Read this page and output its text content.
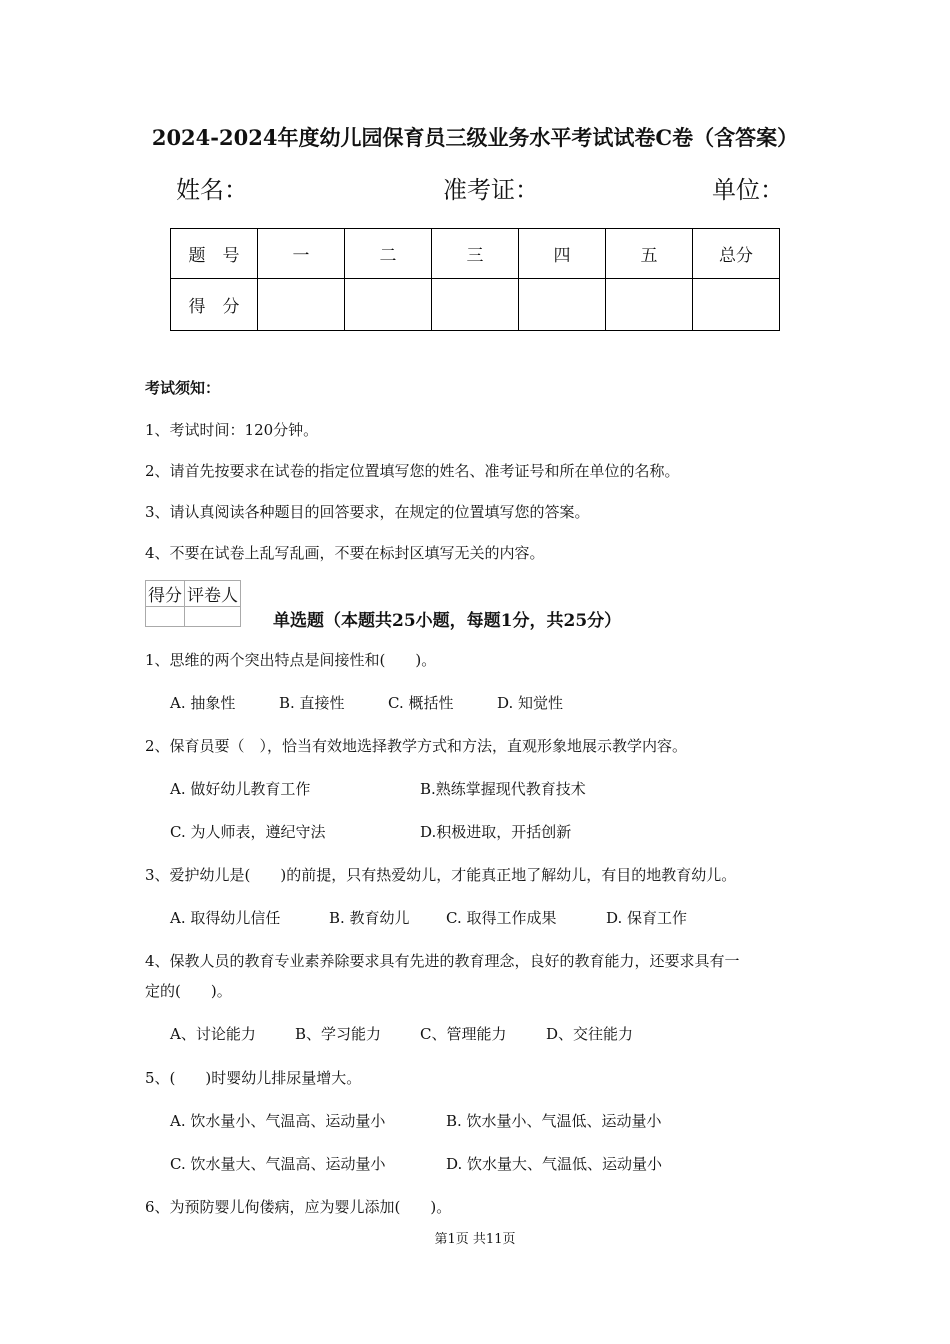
2024-2024年度幼儿园保育员三级业务水平考试试卷C卷（含答案）
姓名：	准考证：	单位：
题　号	一	二	三	四	五	总分
得　分						
考试须知：
1、考试时间：120分钟。
2、请首先按要求在试卷的指定位置填写您的姓名、准考证号和所在单位的名称。
3、请认真阅读各种题目的回答要求，在规定的位置填写您的答案。
4、不要在试卷上乱写乱画，不要在标封区填写无关的内容。
得分	评卷人

单选题（本题共25小题，每题1分，共25分）
1、思维的两个突出特点是间接性和(　　)。
A. 抽象性	B. 直接性	C. 概括性	D. 知觉性
2、保育员要（　），恰当有效地选择教学方式和方法，直观形象地展示教学内容。
A. 做好幼儿教育工作	B.熟练掌握现代教育技术
C. 为人师表，遵纪守法	D.积极进取，开括创新
3、爱护幼儿是(　　)的前提，只有热爱幼儿，才能真正地了解幼儿，有目的地教育幼儿。
A. 取得幼儿信任	B. 教育幼儿 C. 取得工作成果	D. 保育工作
4、保教人员的教育专业素养除要求具有先进的教育理念，良好的教育能力，还要求具有一
定的(　　)。
A、讨论能力	B、学习能力	C、管理能力	D、交往能力
5、(　　)时婴幼儿排尿量增大。
A. 饮水量小、气温高、运动量小	B. 饮水量小、气温低、运动量小
C. 饮水量大、气温高、运动量小	D. 饮水量大、气温低、运动量小
6、为预防婴儿佝偻病，应为婴儿添加(　　)。
第1页 共11页
